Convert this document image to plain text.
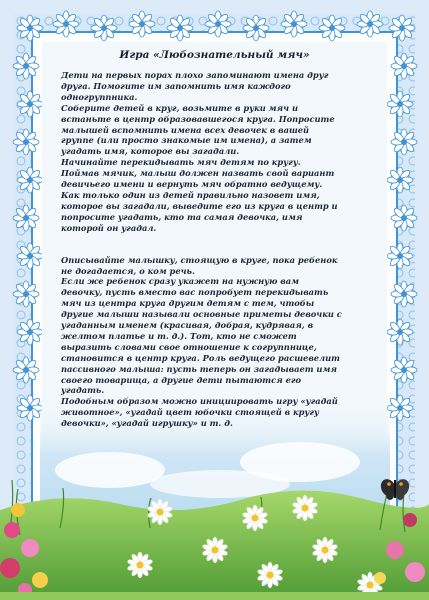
Игра «Любознательный мяч»

Дети на первых порах плохо запоминают имена друг
друга. Помогите им запомнить имя каждого
одногруппника.
Соберите детей в круг, возьмите в руки мяч и
встаньте в центр образовавшегося круга. Попросите
малышей вспомнить имена всех девочек в вашей
группе (или просто знакомые им имена), а затем
угадать имя, которое вы загадали.
Начинайте перекидывать мяч детям по кругу.
Поймав мячик, малыш должен назвать свой вариант
девичьего имени и вернуть мяч обратно ведущему.
Как только один из детей правильно назовет имя,
которое вы загадали, выведите его из круга в центр и
попросите угадать, кто та самая девочка, имя
которой он угадал.

Описывайте малышку, стоящую в круге, пока ребенок
не догадается, о ком речь.
Если же ребенок сразу укажет на нужную вам
девочку, пусть вместо вас попробует перекидывать
мяч из центра круга другим детям с тем, чтобы
другие малыши называли основные приметы девочки с
угаданным именем (красивая, добрая, кудрявая, в
желтом платье и т. д.). Тот, кто не сможет
выразить словами свое отношение к согруппнице,
становится в центр круга. Роль ведущего расшевелит
пассивного малыша: пусть теперь он загадывает имя
своего товарища, а другие дети пытаются его
угадать.
Подобным образом можно инициировать игру «угадай
животное», «угадай цвет юбочки стоящей в кругу
девочки», «угадай игрушку» и т. д.
